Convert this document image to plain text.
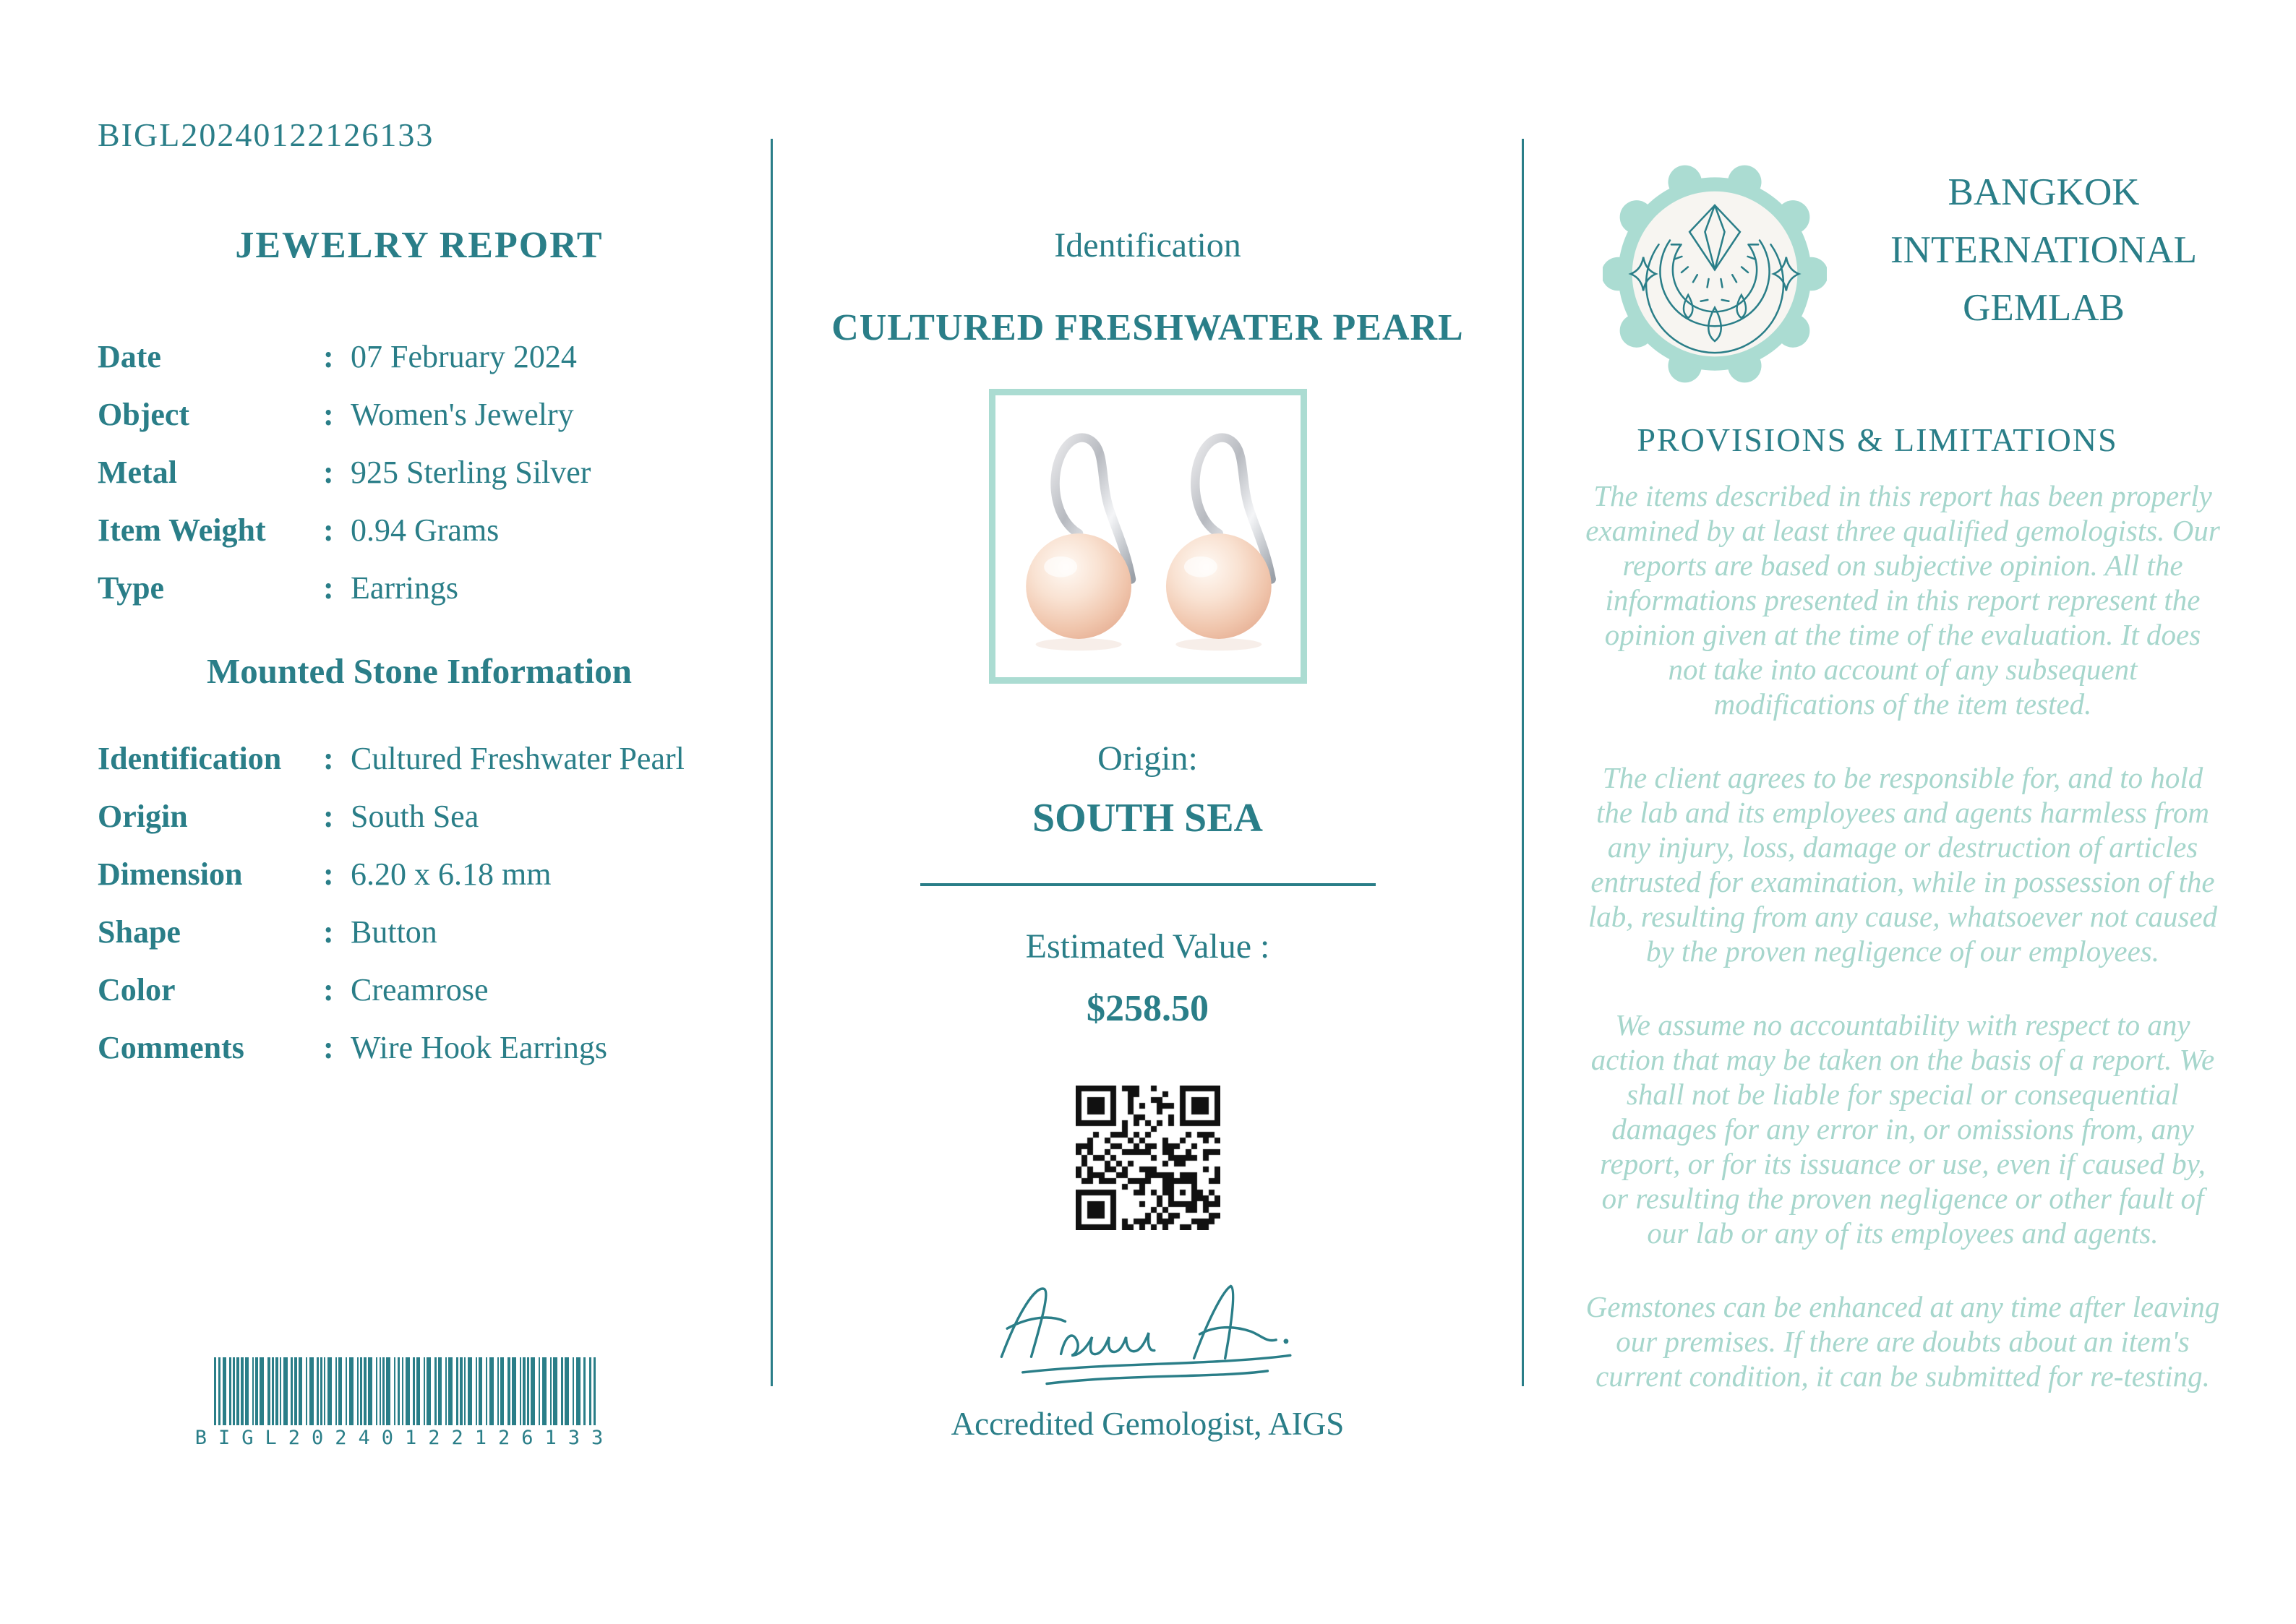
BIGL20240122126133
JEWELRY REPORT
Date	: 07 February 2024
Object	: Women's Jewelry
Metal	: 925 Sterling Silver
Item Weight	: 0.94 Grams
Type	: Earrings
Mounted Stone Information
Identification	: Cultured Freshwater Pearl
Origin	: South Sea
Dimension	: 6.20 x 6.18 mm
Shape	: Button
Color	: Creamrose
Comments	: Wire Hook Earrings
BIGL20240122126133
Identification
CULTURED FRESHWATER PEARL
Origin:
SOUTH SEA
Estimated Value :
$258.50
Accredited Gemologist, AIGS
BANGKOK
INTERNATIONAL
GEMLAB
PROVISIONS & LIMITATIONS

The items described in this report has been properly examined by at least three qualified gemologists. Our reports are based on subjective opinion. All the informations presented in this report represent the opinion given at the time of the evaluation. It does not take into account of any subsequent modifications of the item tested.

The client agrees to be responsible for, and to hold the lab and its employees and agents harmless from any injury, loss, damage or destruction of articles entrusted for examination, while in possession of the lab, resulting from any cause, whatsoever not caused by the proven negligence of our employees.

We assume no accountability with respect to any action that may be taken on the basis of a report. We shall not be liable for special or consequential damages for any error in, or omissions from, any report, or for its issuance or use, even if caused by, or resulting the proven negligence or other fault of our lab or any of its employees and agents.

Gemstones can be enhanced at any time after leaving our premises. If there are doubts about an item's current condition, it can be submitted for re-testing.
